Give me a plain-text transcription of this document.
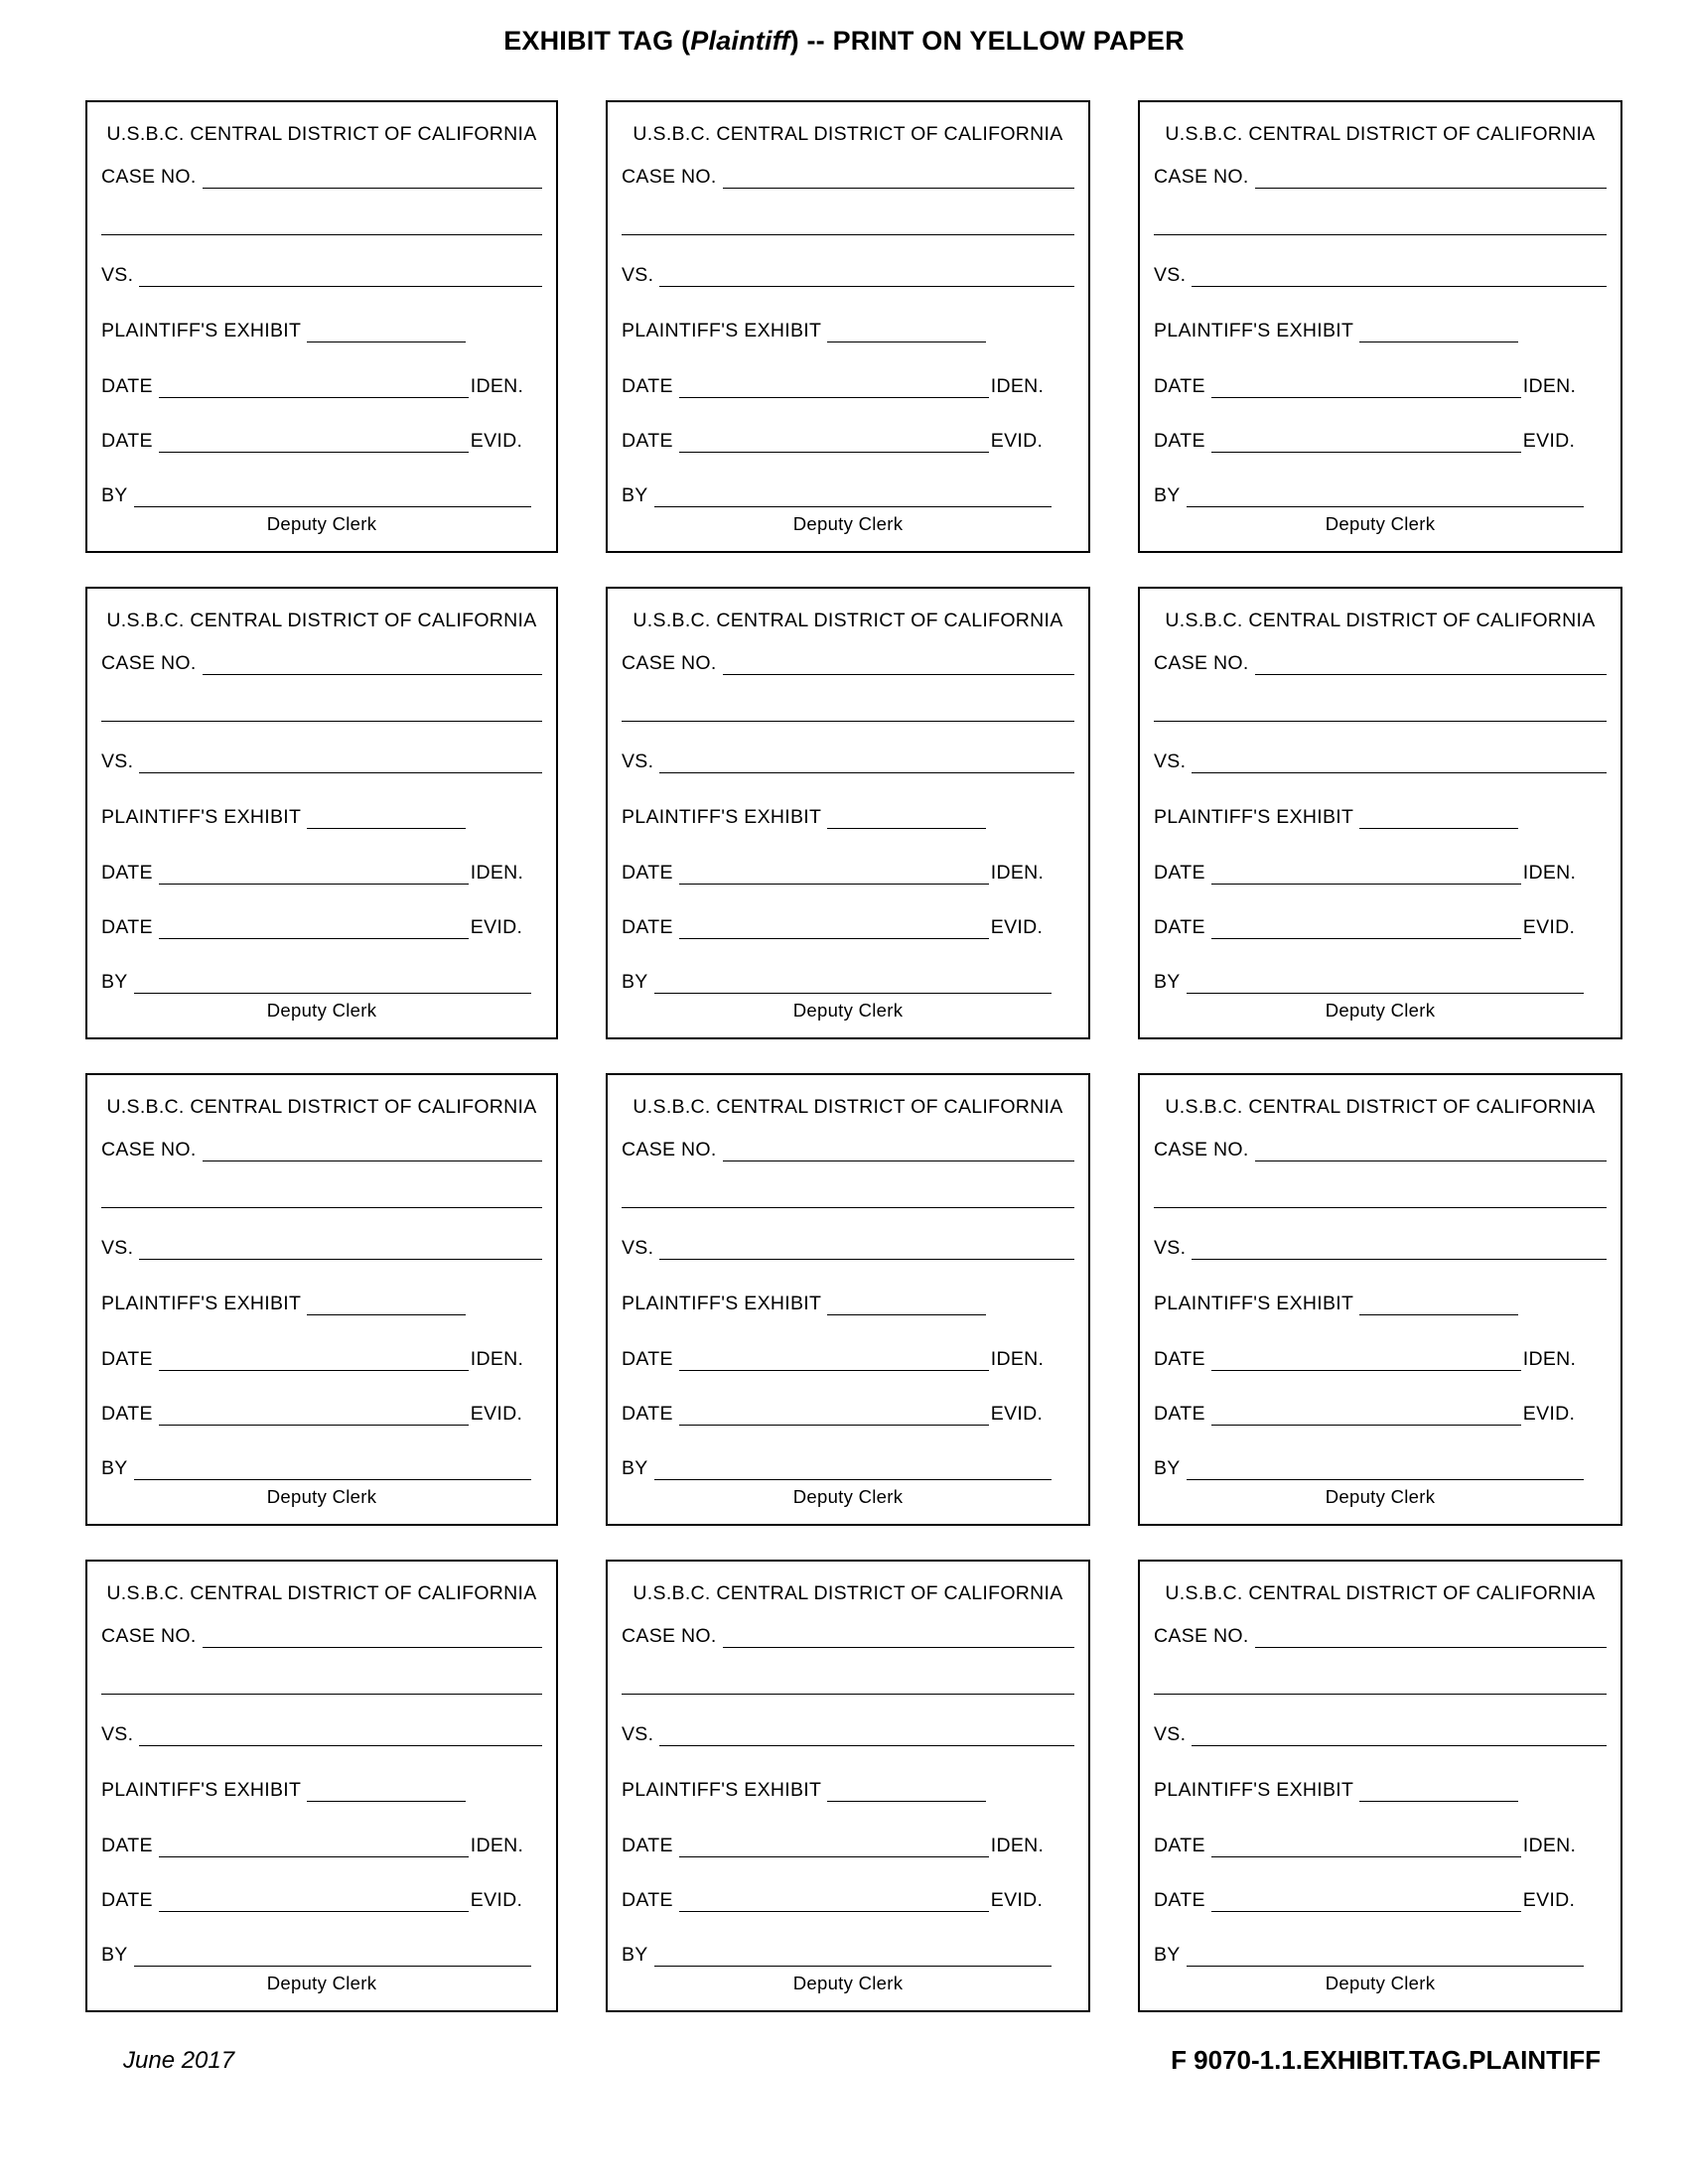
EXHIBIT TAG (Plaintiff) -- PRINT ON YELLOW PAPER
U.S.B.C. CENTRAL DISTRICT OF CALIFORNIA
CASE NO.
VS.
PLAINTIFF'S EXHIBIT
DATE	IDEN.
DATE	EVID.
BY
Deputy Clerk
U.S.B.C. CENTRAL DISTRICT OF CALIFORNIA
CASE NO.
VS.
PLAINTIFF'S EXHIBIT
DATE	IDEN.
DATE	EVID.
BY
Deputy Clerk
U.S.B.C. CENTRAL DISTRICT OF CALIFORNIA
CASE NO.
VS.
PLAINTIFF'S EXHIBIT
DATE	IDEN.
DATE	EVID.
BY
Deputy Clerk
U.S.B.C. CENTRAL DISTRICT OF CALIFORNIA
CASE NO.
VS.
PLAINTIFF'S EXHIBIT
DATE	IDEN.
DATE	EVID.
BY
Deputy Clerk
U.S.B.C. CENTRAL DISTRICT OF CALIFORNIA
CASE NO.
VS.
PLAINTIFF'S EXHIBIT
DATE	IDEN.
DATE	EVID.
BY
Deputy Clerk
U.S.B.C. CENTRAL DISTRICT OF CALIFORNIA
CASE NO.
VS.
PLAINTIFF'S EXHIBIT
DATE	IDEN.
DATE	EVID.
BY
Deputy Clerk
U.S.B.C. CENTRAL DISTRICT OF CALIFORNIA
CASE NO.
VS.
PLAINTIFF'S EXHIBIT
DATE	IDEN.
DATE	EVID.
BY
Deputy Clerk
U.S.B.C. CENTRAL DISTRICT OF CALIFORNIA
CASE NO.
VS.
PLAINTIFF'S EXHIBIT
DATE	IDEN.
DATE	EVID.
BY
Deputy Clerk
U.S.B.C. CENTRAL DISTRICT OF CALIFORNIA
CASE NO.
VS.
PLAINTIFF'S EXHIBIT
DATE	IDEN.
DATE	EVID.
BY
Deputy Clerk
U.S.B.C. CENTRAL DISTRICT OF CALIFORNIA
CASE NO.
VS.
PLAINTIFF'S EXHIBIT
DATE	IDEN.
DATE	EVID.
BY
Deputy Clerk
U.S.B.C. CENTRAL DISTRICT OF CALIFORNIA
CASE NO.
VS.
PLAINTIFF'S EXHIBIT
DATE	IDEN.
DATE	EVID.
BY
Deputy Clerk
U.S.B.C. CENTRAL DISTRICT OF CALIFORNIA
CASE NO.
VS.
PLAINTIFF'S EXHIBIT
DATE	IDEN.
DATE	EVID.
BY
Deputy Clerk
June 2017	F 9070-1.1.EXHIBIT.TAG.PLAINTIFF
